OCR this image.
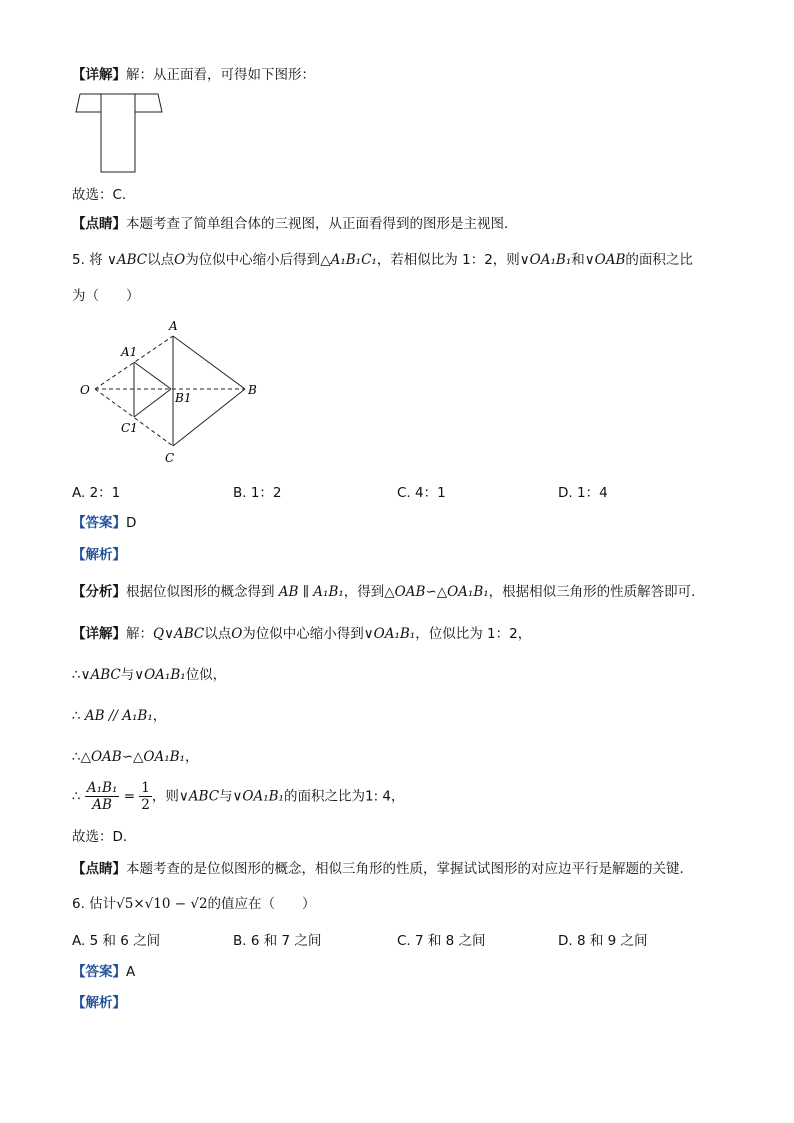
【详解】解：从正面看，可得如下图形：
故选：C．
【点睛】本题考查了简单组合体的三视图，从正面看得到的图形是主视图．
5. 将 ∨ABC以点O为位似中心缩小后得到△A₁B₁C₁，若相似比为 1：2，则∨OA₁B₁和∨OAB的面积之比
为（　　）
A
A1
O	B
B1
C1
C
A. 2：1	B. 1：2	C. 4：1	D. 1：4
【答案】D
【解析】
【分析】根据位似图形的概念得到 AB ∥ A₁B₁，得到△OAB∽△OA₁B₁，根据相似三角形的性质解答即可．
【详解】解：Q∨ABC以点O为位似中心缩小得到∨OA₁B₁，位似比为 1：2，
∴∨ABC与∨OA₁B₁位似，
∴ AB // A₁B₁，
∴△OAB∽△OA₁B₁，
∴ $\frac{\text{A₁B₁}}{AB} = \frac{1}{2}$ ，则∨ABC与∨OA₁B₁的面积之比为1: 4，
故选：D．
【点睛】本题考查的是位似图形的概念，相似三角形的性质，掌握试试图形的对应边平行是解题的关键．
6. 估计√5×√10 − √2的值应在（　　）
A. 5 和 6 之间	B. 6 和 7 之间	C. 7 和 8 之间	D. 8 和 9 之间
【答案】A
【解析】
